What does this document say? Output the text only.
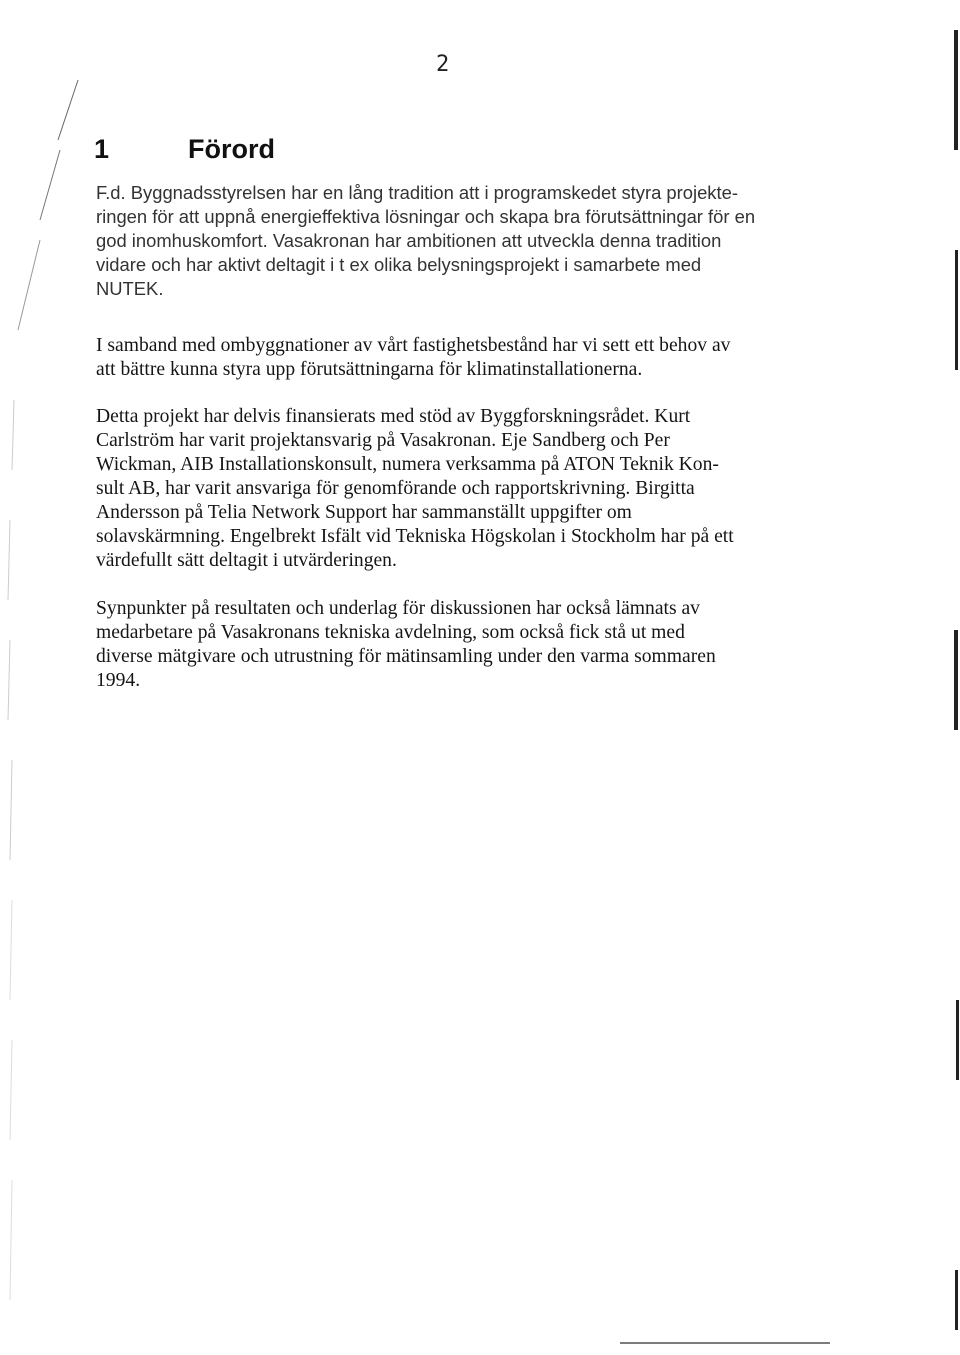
2
1	Förord

F.d. Byggnadsstyrelsen har en lång tradition att i programskedet styra projekte-
ringen för att uppnå energieffektiva lösningar och skapa bra förutsättningar för en
god inomhuskomfort. Vasakronan har ambitionen att utveckla denna tradition
vidare och har aktivt deltagit i t ex olika belysningsprojekt i samarbete med
NUTEK.

I samband med ombyggnationer av vårt fastighetsbestånd har vi sett ett behov av
att bättre kunna styra upp förutsättningarna för klimatinstallationerna.

Detta projekt har delvis finansierats med stöd av Byggforskningsrådet. Kurt
Carlström har varit projektansvarig på Vasakronan. Eje Sandberg och Per
Wickman, AIB Installationskonsult, numera verksamma på ATON Teknik Kon-
sult AB, har varit ansvariga för genomförande och rapportskrivning. Birgitta
Andersson på Telia Network Support har sammanställt uppgifter om
solavskärmning. Engelbrekt Isfält vid Tekniska Högskolan i Stockholm har på ett
värdefullt sätt deltagit i utvärderingen.

Synpunkter på resultaten och underlag för diskussionen har också lämnats av
medarbetare på Vasakronans tekniska avdelning, som också fick stå ut med
diverse mätgivare och utrustning för mätinsamling under den varma sommaren
1994.
